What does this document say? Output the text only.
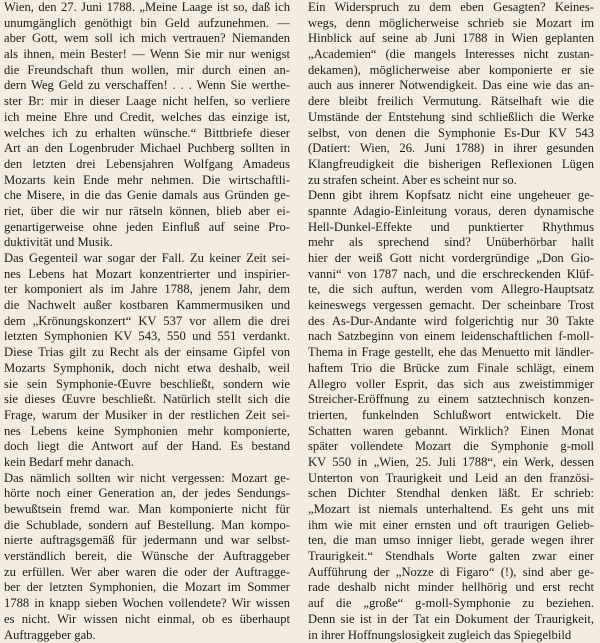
Wien, den 27. Juni 1788. „Meine Laage ist so, daß ich
unumgänglich genöthigt bin Geld aufzunehmen. —
aber Gott, wem soll ich mich vertrauen? Niemanden
als ihnen, mein Bester! — Wenn Sie mir nur wenigst
die Freundschaft thun wollen, mir durch einen an-
dern Weg Geld zu verschaffen! . . . Wenn Sie werthe-
ster Br: mir in dieser Laage nicht helfen, so verliere
ich meine Ehre und Credit, welches das einzige ist,
welches ich zu erhalten wünsche.“ Bittbriefe dieser
Art an den Logenbruder Michael Puchberg sollten in
den letzten drei Lebensjahren Wolfgang Amadeus
Mozarts kein Ende mehr nehmen. Die wirtschaftli-
che Misere, in die das Genie damals aus Gründen ge-
riet, über die wir nur rätseln können, blieb aber ei-
genartigerweise ohne jeden Einfluß auf seine Pro-
duktivität und Musik.
Das Gegenteil war sogar der Fall. Zu keiner Zeit sei-
nes Lebens hat Mozart konzentrierter und inspirier-
ter komponiert als im Jahre 1788, jenem Jahr, dem
die Nachwelt außer kostbaren Kammermusiken und
dem „Krönungskonzert“ KV 537 vor allem die drei
letzten Symphonien KV 543, 550 und 551 verdankt.
Diese Trias gilt zu Recht als der einsame Gipfel von
Mozarts Symphonik, doch nicht etwa deshalb, weil
sie sein Symphonie-Œuvre beschließt, sondern wie
sie dieses Œuvre beschließt. Natürlich stellt sich die
Frage, warum der Musiker in der restlichen Zeit sei-
nes Lebens keine Symphonien mehr komponierte,
doch liegt die Antwort auf der Hand. Es bestand
kein Bedarf mehr danach.
Das nämlich sollten wir nicht vergessen: Mozart ge-
hörte noch einer Generation an, der jedes Sendungs-
bewußtsein fremd war. Man komponierte nicht für
die Schublade, sondern auf Bestellung. Man kompo-
nierte auftragsgemäß für jedermann und war selbst-
verständlich bereit, die Wünsche der Auftraggeber
zu erfüllen. Wer aber waren die oder der Auftragge-
ber der letzten Symphonien, die Mozart im Sommer
1788 in knapp sieben Wochen vollendete? Wir wissen
es nicht. Wir wissen nicht einmal, ob es überhaupt
Auftraggeber gab.
Ein Widerspruch zu dem eben Gesagten? Keines-
wegs, denn möglicherweise schrieb sie Mozart im
Hinblick auf seine ab Juni 1788 in Wien geplanten
„Academien“ (die mangels Interesses nicht zustan-
dekamen), möglicherweise aber komponierte er sie
auch aus innerer Notwendigkeit. Das eine wie das an-
dere bleibt freilich Vermutung. Rätselhaft wie die
Umstände der Entstehung sind schließlich die Werke
selbst, von denen die Symphonie Es-Dur KV 543
(Datiert: Wien, 26. Juni 1788) in ihrer gesunden
Klangfreudigkeit die bisherigen Reflexionen Lügen
zu strafen scheint. Aber es scheint nur so.
Denn gibt ihrem Kopfsatz nicht eine ungeheuer ge-
spannte Adagio-Einleitung voraus, deren dynamische
Hell-Dunkel-Effekte und punktierter Rhythmus
mehr als sprechend sind? Unüberhörbar hallt
hier der weiß Gott nicht vordergründige „Don Gio-
vanni“ von 1787 nach, und die erschreckenden Klüf-
te, die sich auftun, werden vom Allegro-Hauptsatz
keineswegs vergessen gemacht. Der scheinbare Trost
des As-Dur-Andante wird folgerichtig nur 30 Takte
nach Satzbeginn von einem leidenschaftlichen f-moll-
Thema in Frage gestellt, ehe das Menuetto mit ländler-
haftem Trio die Brücke zum Finale schlägt, einem
Allegro voller Esprit, das sich aus zweistimmiger
Streicher-Eröffnung zu einem satztechnisch konzen-
trierten, funkelnden Schlußwort entwickelt. Die
Schatten waren gebannt. Wirklich? Einen Monat
später vollendete Mozart die Symphonie g-moll
KV 550 in „Wien, 25. Juli 1788“, ein Werk, dessen
Unterton von Traurigkeit und Leid an den französi-
schen Dichter Stendhal denken läßt. Er schrieb:
„Mozart ist niemals unterhaltend. Es geht uns mit
ihm wie mit einer ernsten und oft traurigen Gelieb-
ten, die man umso inniger liebt, gerade wegen ihrer
Traurigkeit.“ Stendhals Worte galten zwar einer
Aufführung der „Nozze di Figaro“ (!), sind aber ge-
rade deshalb nicht minder hellhörig und erst recht
auf die „große“ g-moll-Symphonie zu beziehen.
Denn sie ist in der Tat ein Dokument der Traurigkeit,
in ihrer Hoffnungslosigkeit zugleich das Spiegelbild
